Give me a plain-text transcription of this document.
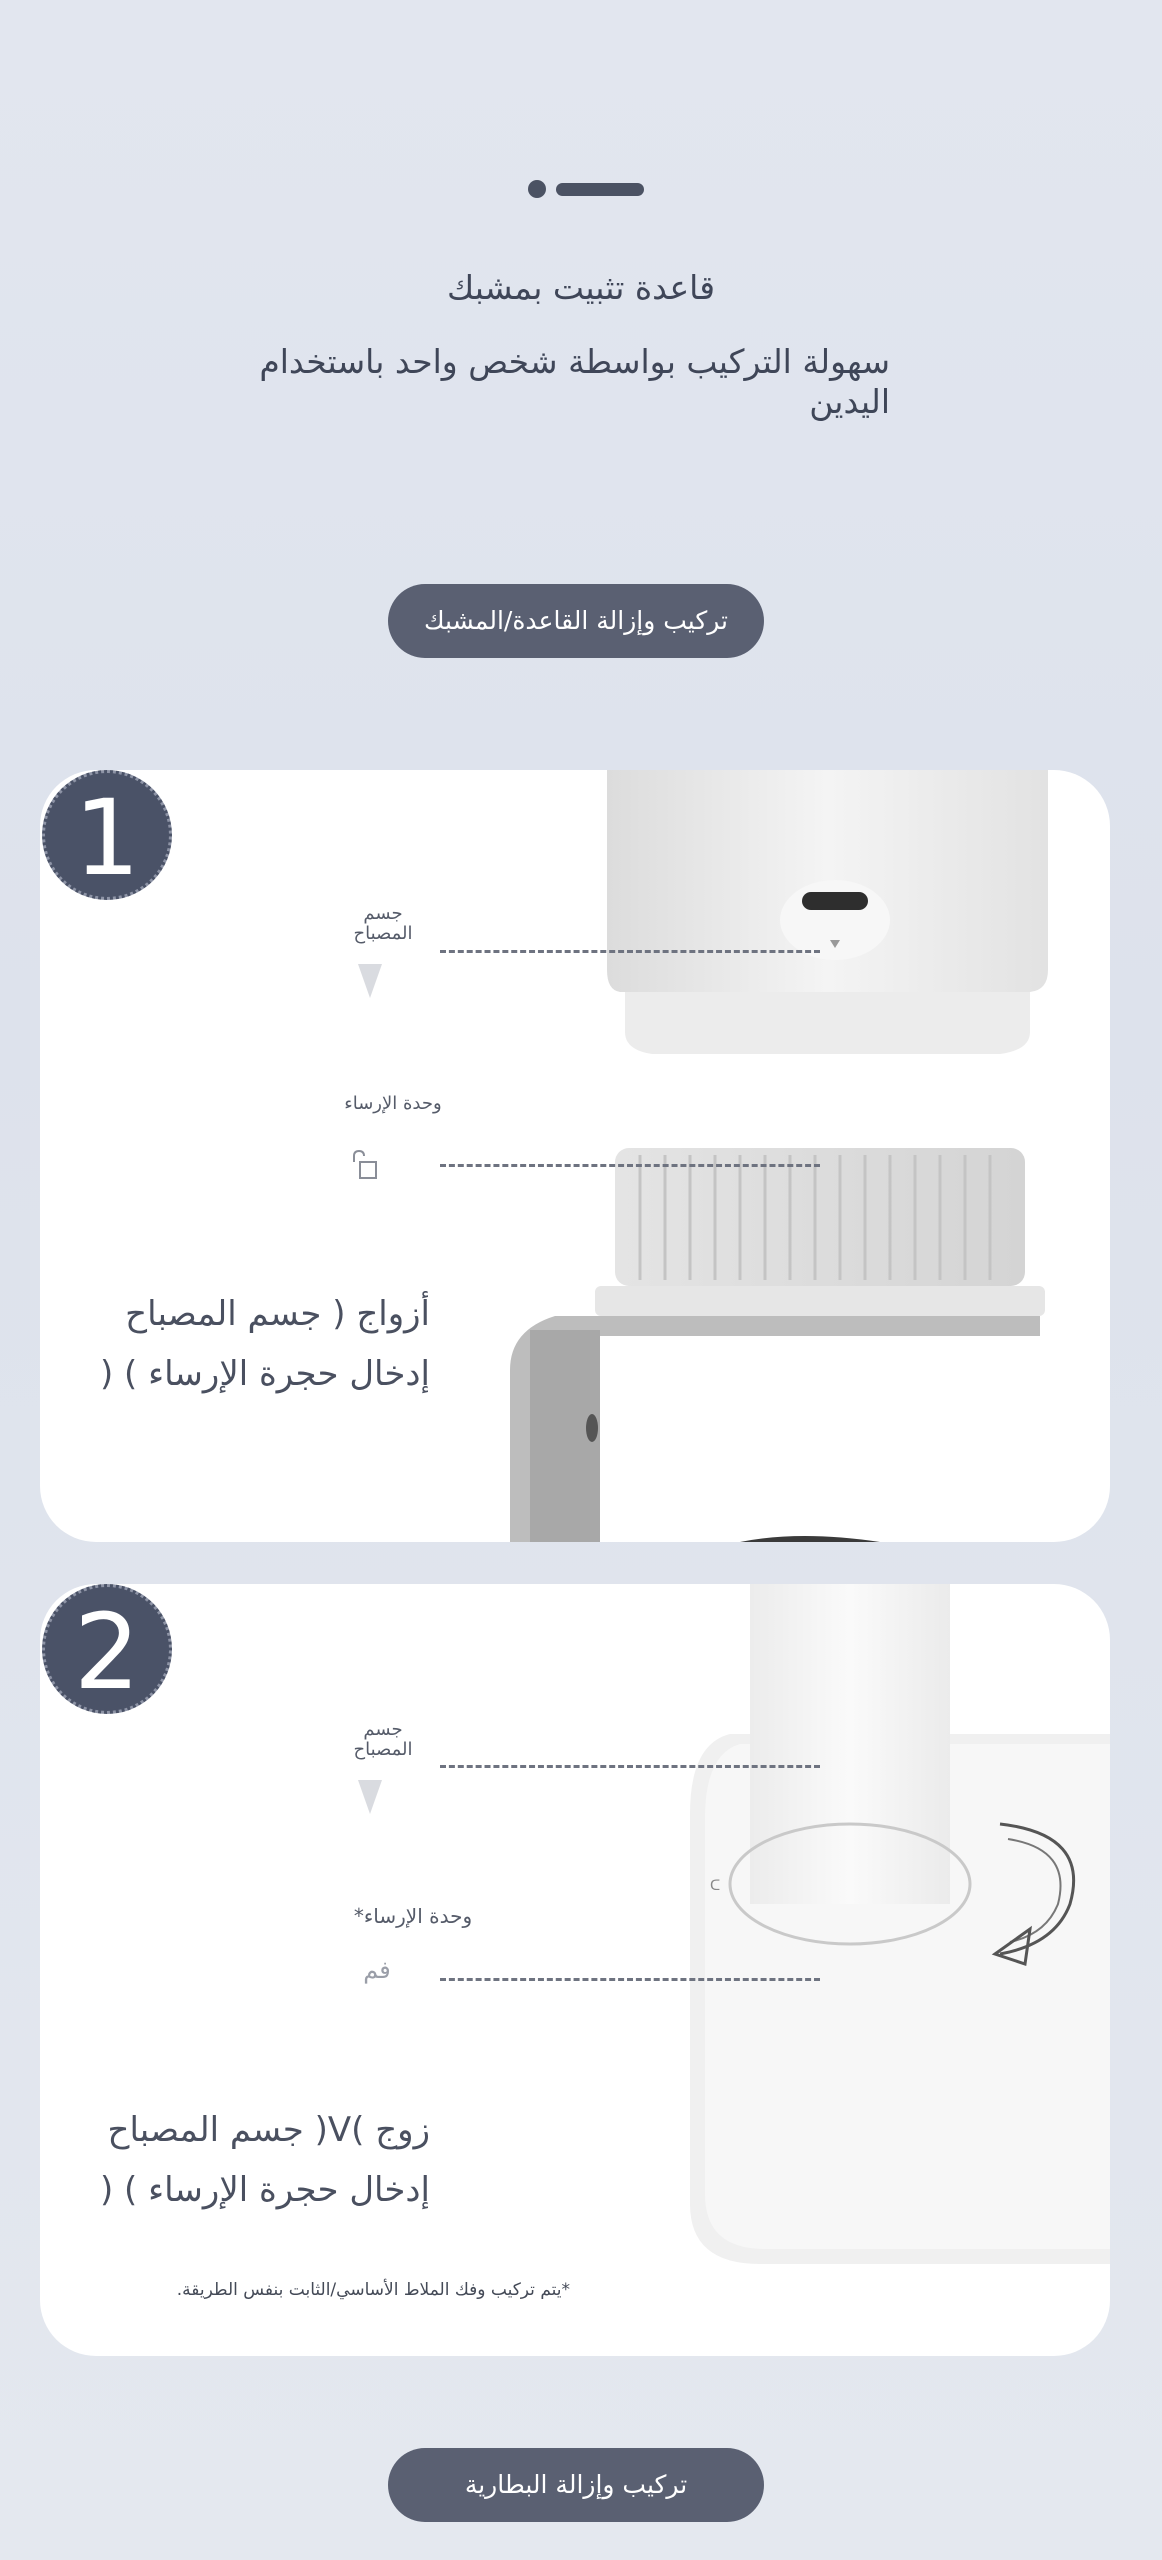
قاعدة تثبيت بمشبك
سهولة التركيب بواسطة شخص واحد باستخدام اليدين
تركيب وإزالة القاعدة/المشبك
جسم المصباح
وحدة الإرساء
أزواج ( جسم المصباح
إدخال حجرة الإرساء ) (
1
ᑕ
جسم المصباح
وحدة الإرساء*
فم
زوج )V( جسم المصباح
إدخال حجرة الإرساء ) (
*يتم تركيب وفك الملاط الأساسي/الثابت بنفس الطريقة.
2
تركيب وإزالة البطارية
